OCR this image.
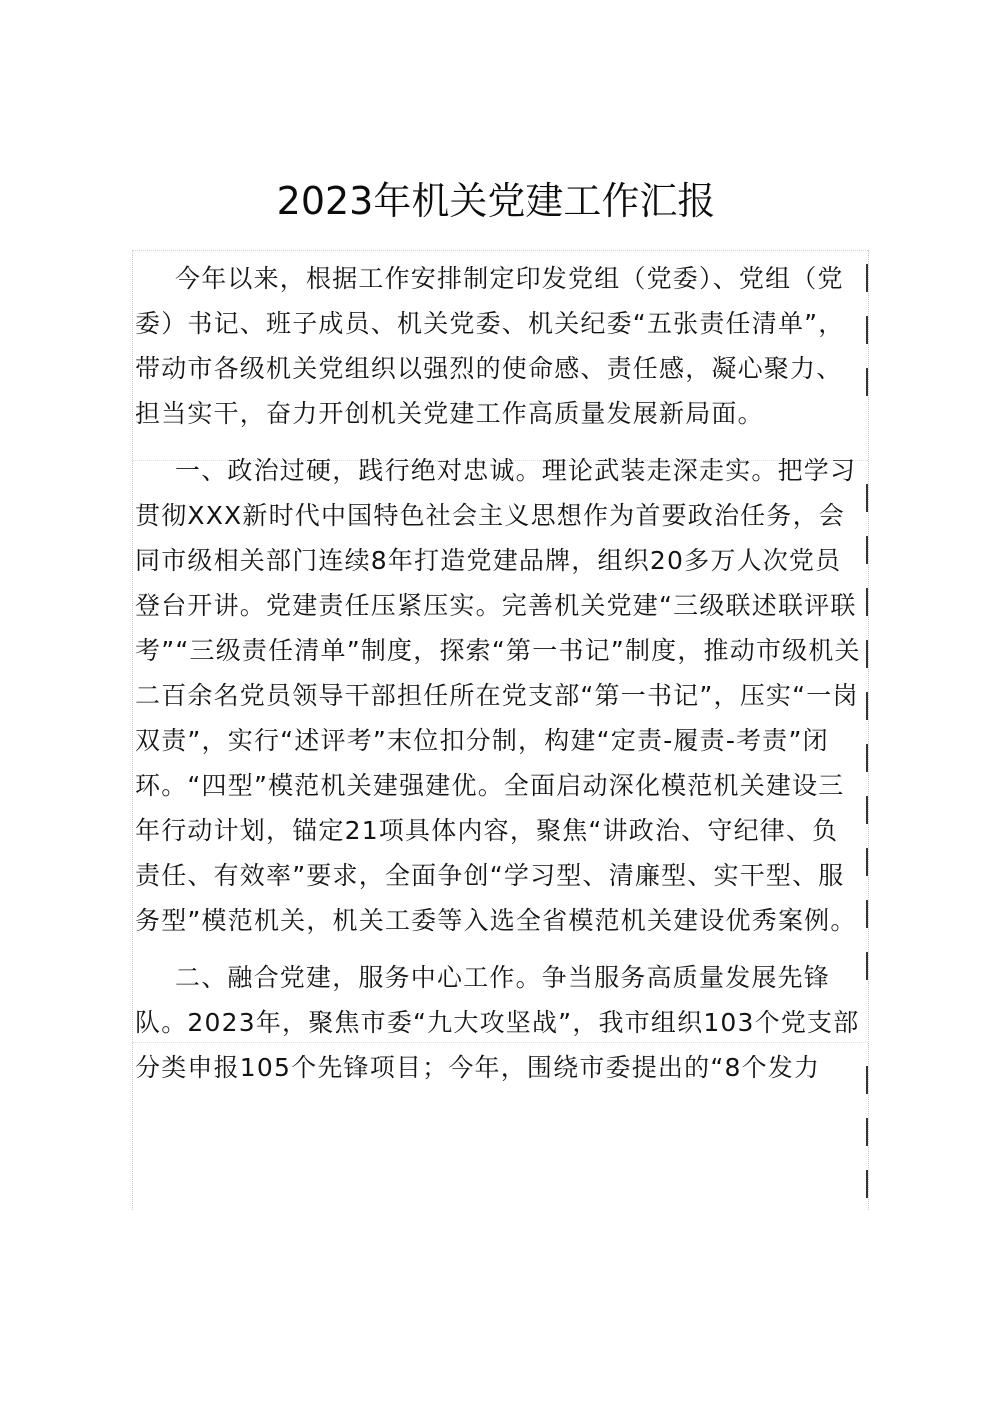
2023年机关党建工作汇报
今年以来，根据工作安排制定印发党组（党委）、党组（党
委）书记、班子成员、机关党委、机关纪委“五张责任清单”，
带动市各级机关党组织以强烈的使命感、责任感，凝心聚力、
担当实干，奋力开创机关党建工作高质量发展新局面。
一、政治过硬，践行绝对忠诚。理论武装走深走实。把学习
贯彻XXX新时代中国特色社会主义思想作为首要政治任务，会
同市级相关部门连续8年打造党建品牌，组织20多万人次党员
登台开讲。党建责任压紧压实。完善机关党建“三级联述联评联
考”“三级责任清单”制度，探索“第一书记”制度，推动市级机关
二百余名党员领导干部担任所在党支部“第一书记”，压实“一岗
双责”，实行“述评考”末位扣分制，构建“定责-履责-考责”闭
环。“四型”模范机关建强建优。全面启动深化模范机关建设三
年行动计划，锚定21项具体内容，聚焦“讲政治、守纪律、负
责任、有效率”要求，全面争创“学习型、清廉型、实干型、服
务型”模范机关，机关工委等入选全省模范机关建设优秀案例。
二、融合党建，服务中心工作。争当服务高质量发展先锋
队。2023年，聚焦市委“九大攻坚战”，我市组织103个党支部
分类申报105个先锋项目；今年，围绕市委提出的“8个发力
